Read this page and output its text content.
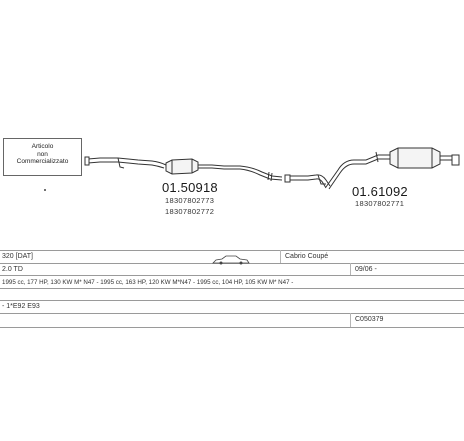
Articolo
non
Commercializzato
01.50918
18307802773
18307802772
01.61092
18307802771
320 [DAT]	Cabrio Coupé
2.0 TD	09/06 -
1995 cc, 177 HP, 130 KW M* N47 - 1995 cc, 163 HP, 120 KW M*N47 - 1995 cc, 104 HP, 105 KW M* N47 -
- 1*E92 E93
C050379
